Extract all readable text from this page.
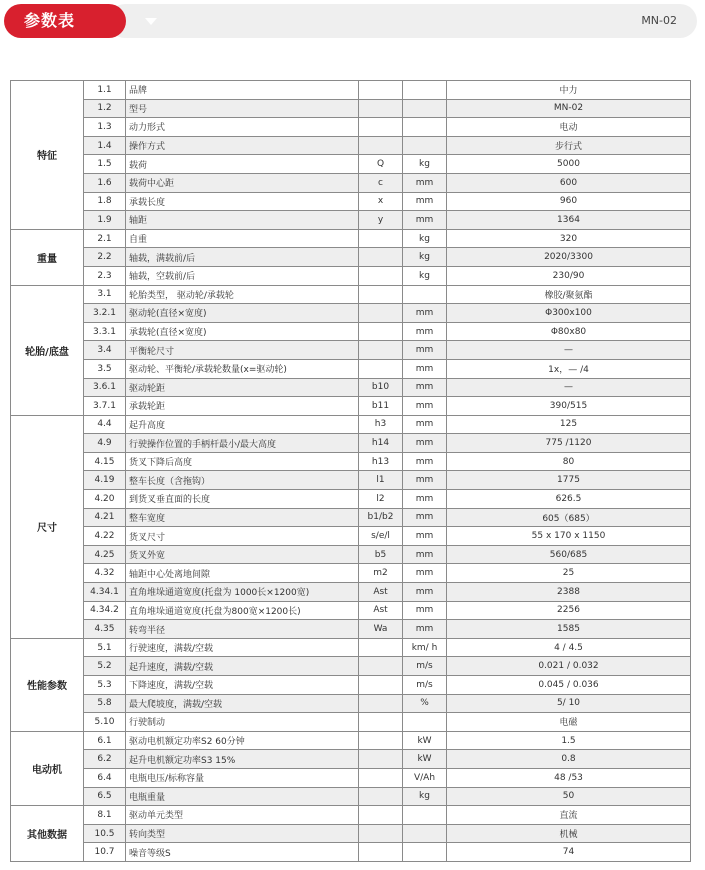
参数表	MN-02
特征	1.1	品牌			中力
	1.2	型号			MN-02
	1.3	动力形式			电动
	1.4	操作方式			步行式
	1.5	载荷	Q	kg	5000
	1.6	载荷中心距	c	mm	600
	1.8	承载长度	x	mm	960
	1.9	轴距	y	mm	1364
重量	2.1	自重		kg	320
	2.2	轴载，满载前/后		kg	2020/3300
	2.3	轴载，空载前/后		kg	230/90
轮胎/底盘	3.1	轮胎类型， 驱动轮/承载轮			橡胶/聚氨酯
	3.2.1	驱动轮(直径×宽度)		mm	Φ300x100
	3.3.1	承载轮(直径×宽度)		mm	Φ80x80
	3.4	平衡轮尺寸		mm	—
	3.5	驱动轮、平衡轮/承载轮数量(x=驱动轮)		mm	1x，— /4
	3.6.1	驱动轮距	b10	mm	—
	3.7.1	承载轮距	b11	mm	390/515
尺寸	4.4	起升高度	h3	mm	125
	4.9	行驶操作位置的手柄杆最小/最大高度	h14	mm	775 /1120
	4.15	货叉下降后高度	h13	mm	80
	4.19	整车长度（含拖钩）	l1	mm	1775
	4.20	到货叉垂直面的长度	l2	mm	626.5
	4.21	整车宽度	b1/b2	mm	605（685）
	4.22	货叉尺寸	s/e/l	mm	55 x 170 x 1150
	4.25	货叉外宽	b5	mm	560/685
	4.32	轴距中心处离地间隙	m2	mm	25
	4.34.1	直角堆垛通道宽度(托盘为 1000长×1200宽)	Ast	mm	2388
	4.34.2	直角堆垛通道宽度(托盘为800宽×1200长)	Ast	mm	2256
	4.35	转弯半径	Wa	mm	1585
性能参数	5.1	行驶速度，满载/空载		km/ h	4 / 4.5
	5.2	起升速度，满载/空载		m/s	0.021 / 0.032
	5.3	下降速度，满载/空载		m/s	0.045 / 0.036
	5.8	最大爬坡度，满载/空载		%	5/ 10
	5.10	行驶制动			电磁
电动机	6.1	驱动电机额定功率S2 60分钟		kW	1.5
	6.2	起升电机额定功率S3 15%		kW	0.8
	6.4	电瓶电压/标称容量		V/Ah	48 /53
	6.5	电瓶重量		kg	50
其他数据	8.1	驱动单元类型			直流
	10.5	转向类型			机械
	10.7	噪音等级S			74
